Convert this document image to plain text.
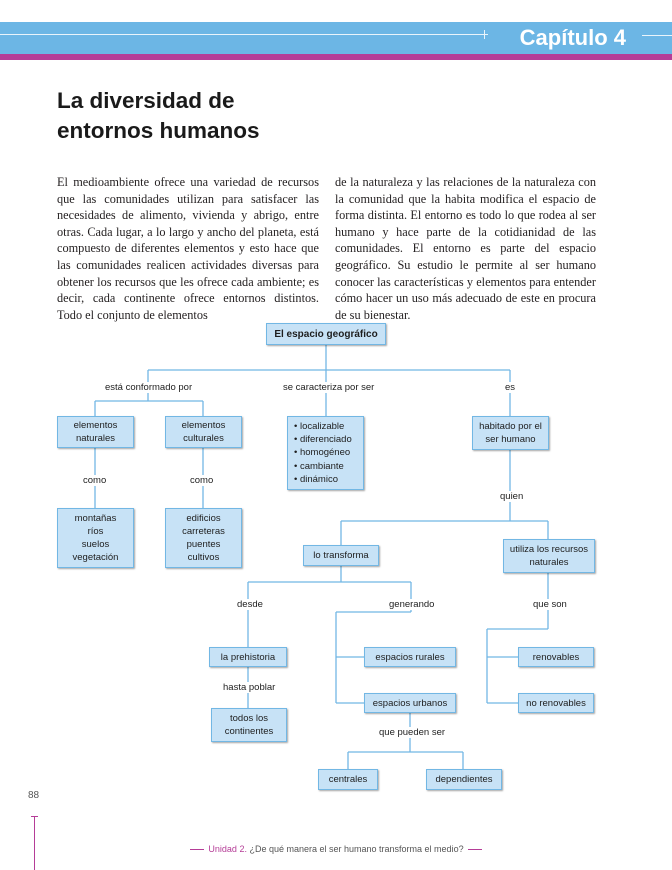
Capítulo 4
La diversidad de
entornos humanos

El medioambiente ofrece una variedad de recursos que las comunidades utilizan para satisfacer las necesidades de alimento, vivienda y abrigo, entre otras. Cada lugar, a lo largo y ancho del planeta, está compuesto de diferentes elementos y esto hace que las comunidades realicen actividades diversas para obtener los recursos que les ofrece cada ambiente; es decir, cada continente ofrece entornos distintos. Todo el conjunto de elementos

de la naturaleza y las relaciones de la naturaleza con la comunidad que la habita modifica el espacio de forma distinta. El entorno es todo lo que rodea al ser humano y hace parte de la cotidianidad de las comunidades. El entorno es parte del espacio geográfico. Su estudio le permite al ser humano conocer las características y elementos para entender cómo hacer un uso más adecuado de este en procura de su bienestar.

El espacio geográfico
está conformado por	se caracteriza por ser	es
elementos
naturales
elementos
culturales
• localizable
• diferenciado
• homogéneo
• cambiante
• dinámico
habitado por el
ser humano
como	como
montañas
ríos
suelos
vegetación
edificios
carreteras
puentes
cultivos
quien
lo transforma
utiliza los recursos
naturales
desde	generando	que son
la prehistoria	espacios rurales	renovables
hasta poblar
espacios urbanos	no renovables
todos los
continentes	que pueden ser
centrales	dependientes
88
Unidad 2. ¿De qué manera el ser humano transforma el medio?
